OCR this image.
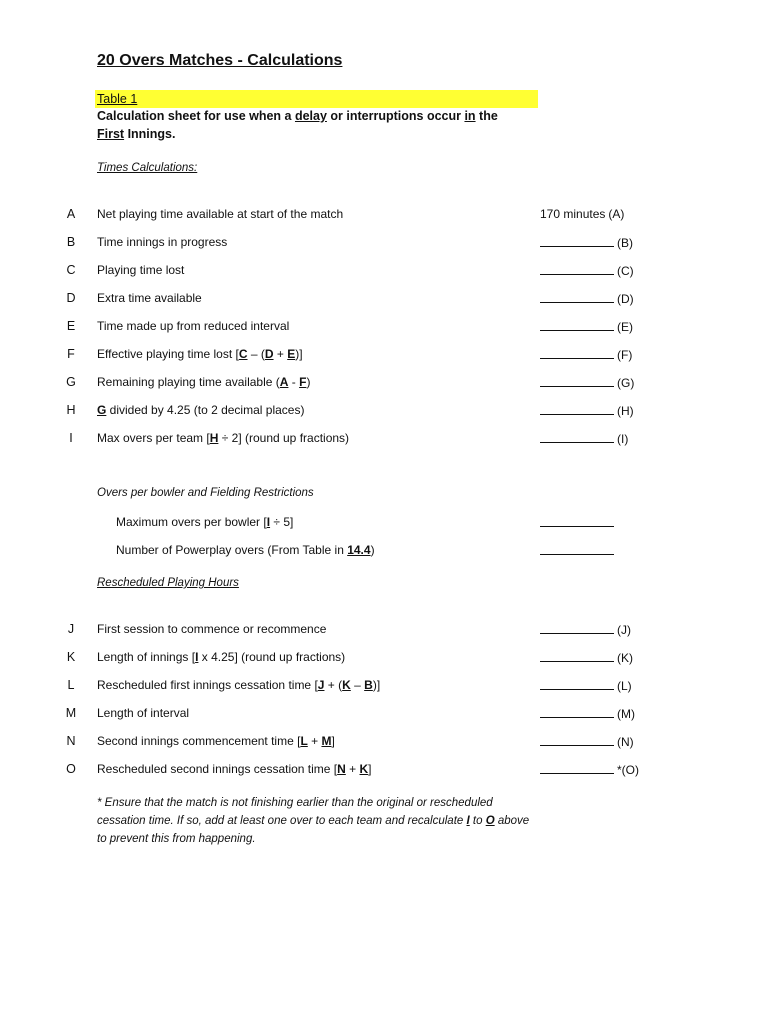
20 Overs Matches - Calculations
Table 1
Calculation sheet for use when a delay or interruptions occur in the
First Innings.
Times Calculations:
A	Net playing time available at start of the match	170 minutes (A)
B	Time innings in progress	(B)
C Playing time lost	(C)
D Extra time available	(D)
E	Time made up from reduced interval	(E)
F	Effective playing time lost [C – (D + E)]	(F)
G Remaining playing time available (A - F)	(G)
H G divided by 4.25 (to 2 decimal places)	(H)
I	Max overs per team [H ÷ 2] (round up fractions)	(I)
Overs per bowler and Fielding Restrictions
Maximum overs per bowler [I ÷ 5]
Number of Powerplay overs (From Table in 14.4)
Rescheduled Playing Hours
J	First session to commence or recommence	(J)
K	Length of innings [I x 4.25] (round up fractions)	(K)
L	Rescheduled first innings cessation time [J + (K – B)]	(L)
M Length of interval	(M)
N Second innings commencement time [L + M]	(N)
O Rescheduled second innings cessation time [N + K]	*(O)
* Ensure that the match is not finishing earlier than the original or rescheduled cessation time. If so, add at least one over to each team and recalculate I to O above to prevent this from happening.
